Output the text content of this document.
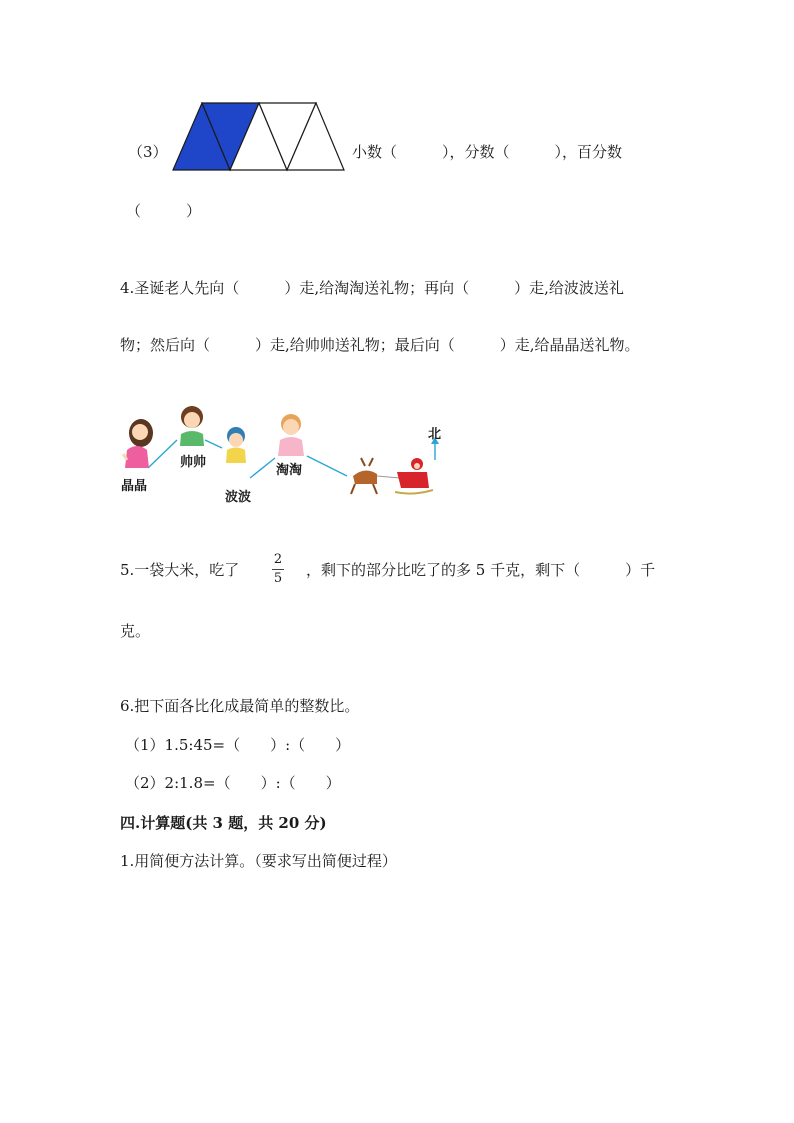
（3）	小数（　　　），分数（　　　），百分数
（　　　）
4.圣诞老人先向（　　　）走,给淘淘送礼物；再向（　　　）走,给波波送礼
物；然后向（　　　）走,给帅帅送礼物；最后向（　　　）走,给晶晶送礼物。
北
晶晶
帅帅
波波
淘淘
5.一袋大米，吃了
2
5 ，剩下的部分比吃了的多 5 千克，剩下（　　　）千
克。
6.把下面各比化成最简单的整数比。
（1）1.5:45=（　　）:（　　）
（2）2:1.8=（　　）:（　　）
四.计算题(共 3 题，共 20 分)
1.用简便方法计算。（要求写出简便过程）
